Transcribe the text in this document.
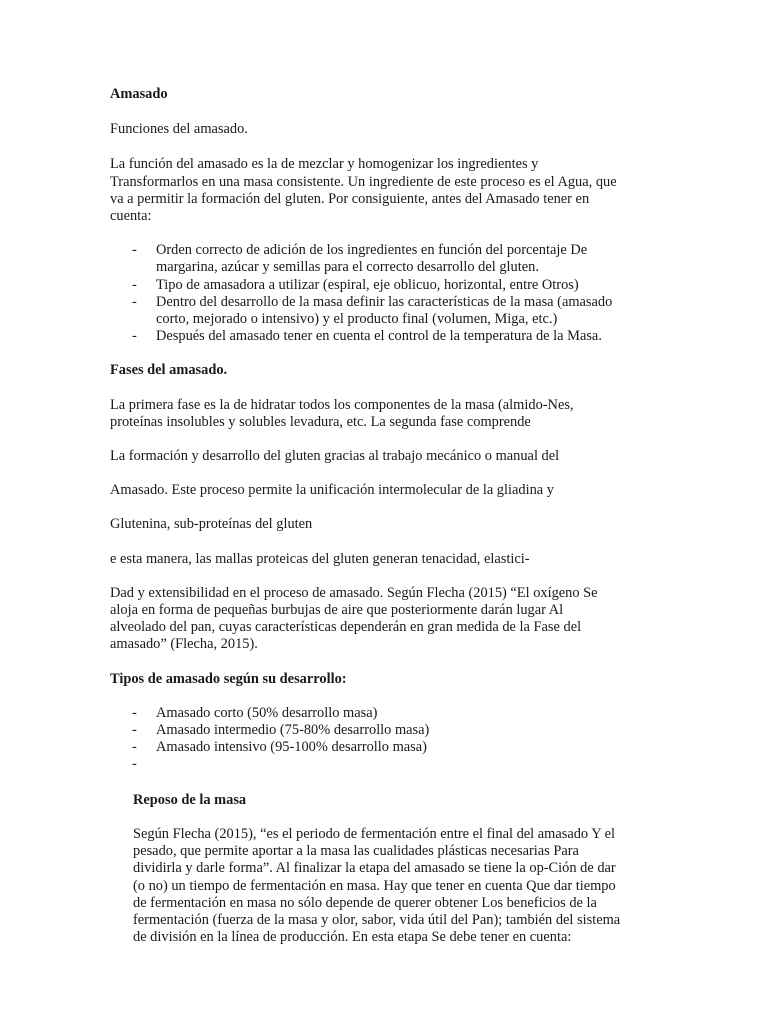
Amasado

Funciones del amasado.

La función del amasado es la de mezclar y homogenizar los ingredientes y
Transformarlos en una masa consistente. Un ingrediente de este proceso es el Agua, que
va a permitir la formación del gluten. Por consiguiente, antes del Amasado tener en
cuenta:

- Orden correcto de adición de los ingredientes en función del porcentaje De
margarina, azúcar y semillas para el correcto desarrollo del gluten.
- Tipo de amasadora a utilizar (espiral, eje oblicuo, horizontal, entre Otros)
- Dentro del desarrollo de la masa definir las características de la masa (amasado
corto, mejorado o intensivo) y el producto final (volumen, Miga, etc.)
- Después del amasado tener en cuenta el control de la temperatura de la Masa.

Fases del amasado.

La primera fase es la de hidratar todos los componentes de la masa (almido-Nes,
proteínas insolubles y solubles levadura, etc. La segunda fase comprende

La formación y desarrollo del gluten gracias al trabajo mecánico o manual del

Amasado. Este proceso permite la unificación intermolecular de la gliadina y

Glutenina, sub-proteínas del gluten

e esta manera, las mallas proteicas del gluten generan tenacidad, elastici-

Dad y extensibilidad en el proceso de amasado. Según Flecha (2015) “El oxígeno Se
aloja en forma de pequeñas burbujas de aire que posteriormente darán lugar Al
alveolado del pan, cuyas características dependerán en gran medida de la Fase del
amasado” (Flecha, 2015).

Tipos de amasado según su desarrollo:

- Amasado corto (50% desarrollo masa)
- Amasado intermedio (75-80% desarrollo masa)
- Amasado intensivo (95-100% desarrollo masa)
-

Reposo de la masa

Según Flecha (2015), “es el periodo de fermentación entre el final del amasado Y el
pesado, que permite aportar a la masa las cualidades plásticas necesarias Para
dividirla y darle forma”. Al finalizar la etapa del amasado se tiene la op-Ción de dar
(o no) un tiempo de fermentación en masa. Hay que tener en cuenta Que dar tiempo
de fermentación en masa no sólo depende de querer obtener Los beneficios de la
fermentación (fuerza de la masa y olor, sabor, vida útil del Pan); también del sistema
de división en la línea de producción. En esta etapa Se debe tener en cuenta:
